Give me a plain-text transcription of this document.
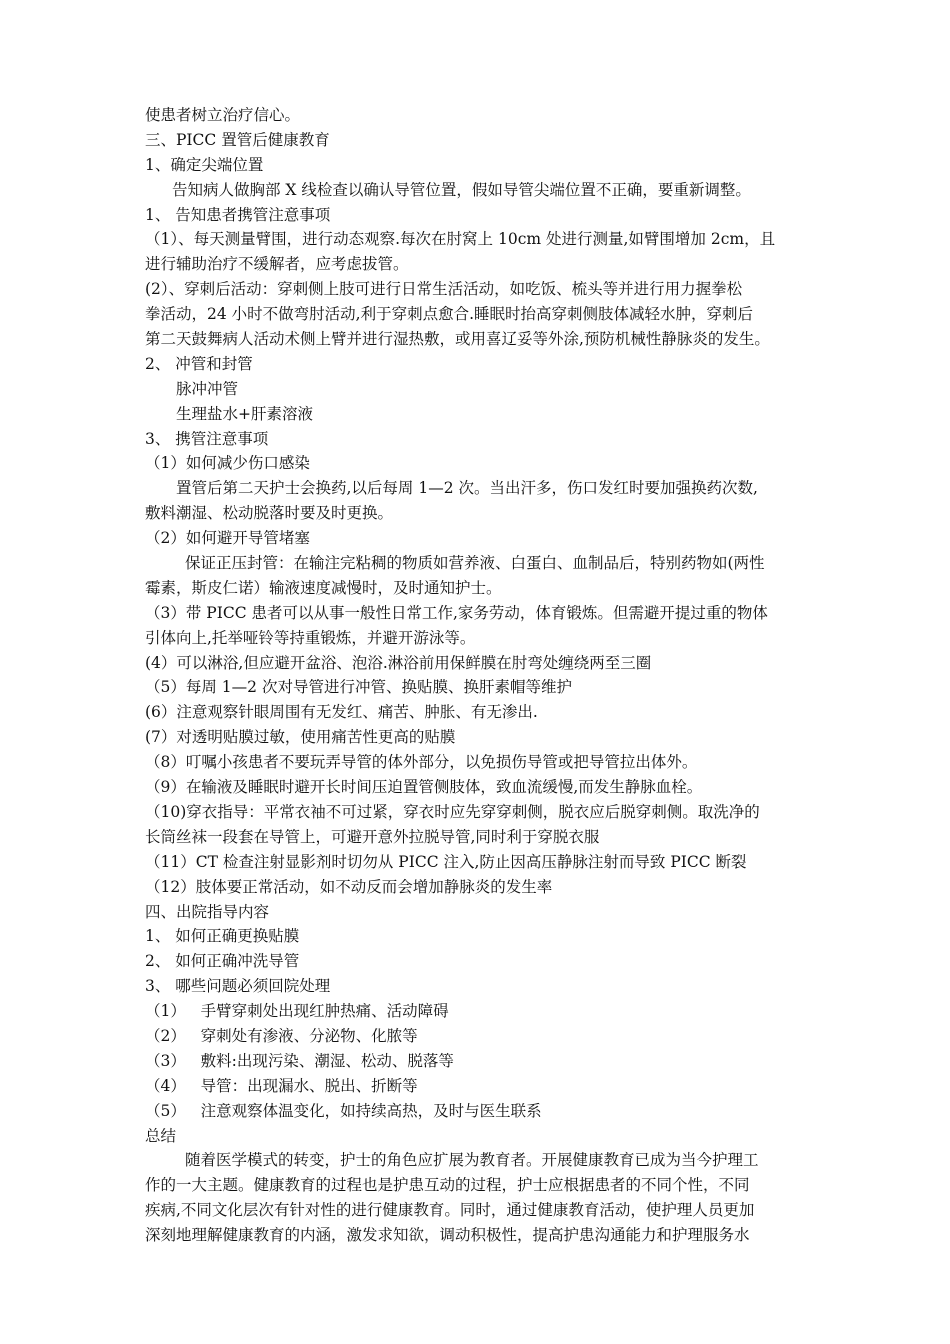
使患者树立治疗信心。
三、PICC 置管后健康教育
1、确定尖端位置
告知病人做胸部 X 线检查以确认导管位置，假如导管尖端位置不正确，要重新调整。
1、 告知患者携管注意事项
（1）、每天测量臂围，进行动态观察.每次在肘窝上 10cm 处进行测量,如臂围增加 2cm，且
进行辅助治疗不缓解者，应考虑拔管。
(2）、穿刺后活动：穿刺侧上肢可进行日常生活活动，如吃饭、梳头等并进行用力握拳松
拳活动，24 小时不做弯肘活动,利于穿刺点愈合.睡眠时抬高穿刺侧肢体减轻水肿，穿刺后
第二天鼓舞病人活动术侧上臂并进行湿热敷，或用喜辽妥等外涂,预防机械性静脉炎的发生。
2、 冲管和封管
脉冲冲管
生理盐水+肝素溶液
3、 携管注意事项
（1）如何减少伤口感染
置管后第二天护士会换药,以后每周 1—2 次。当出汗多，伤口发红时要加强换药次数,
敷料潮湿、松动脱落时要及时更换。
（2）如何避开导管堵塞
保证正压封管：在输注完粘稠的物质如营养液、白蛋白、血制品后，特别药物如(两性
霉素，斯皮仁诺）输液速度减慢时，及时通知护士。
（3）带 PICC 患者可以从事一般性日常工作,家务劳动，体育锻炼。但需避开提过重的物体
引体向上,托举哑铃等持重锻炼，并避开游泳等。
(4）可以淋浴,但应避开盆浴、泡浴.淋浴前用保鲜膜在肘弯处缠绕两至三圈
（5）每周 1—2 次对导管进行冲管、换贴膜、换肝素帽等维护
(6）注意观察针眼周围有无发红、痛苦、肿胀、有无渗出.
(7）对透明贴膜过敏，使用痛苦性更高的贴膜
（8）叮嘱小孩患者不要玩弄导管的体外部分，以免损伤导管或把导管拉出体外。
（9）在输液及睡眠时避开长时间压迫置管侧肢体，致血流缓慢,而发生静脉血栓。
（10)穿衣指导：平常衣袖不可过紧，穿衣时应先穿穿刺侧，脱衣应后脱穿刺侧。取洗净的
长筒丝袜一段套在导管上，可避开意外拉脱导管,同时利于穿脱衣服
（11）CT 检查注射显影剂时切勿从 PICC 注入,防止因高压静脉注射而导致 PICC 断裂
（12）肢体要正常活动，如不动反而会增加静脉炎的发生率
四、出院指导内容
1、 如何正确更换贴膜
2、 如何正确冲洗导管
3、 哪些问题必须回院处理
（1）   手臂穿刺处出现红肿热痛、活动障碍
（2）   穿刺处有渗液、分泌物、化脓等
（3）   敷料:出现污染、潮湿、松动、脱落等
（4）   导管：出现漏水、脱出、折断等
（5）   注意观察体温变化，如持续高热，及时与医生联系
总结
随着医学模式的转变，护士的角色应扩展为教育者。开展健康教育已成为当今护理工
作的一大主题。健康教育的过程也是护患互动的过程，护士应根据患者的不同个性，不同
疾病,不同文化层次有针对性的进行健康教育。同时，通过健康教育活动，使护理人员更加
深刻地理解健康教育的内涵，激发求知欲，调动积极性，提高护患沟通能力和护理服务水
